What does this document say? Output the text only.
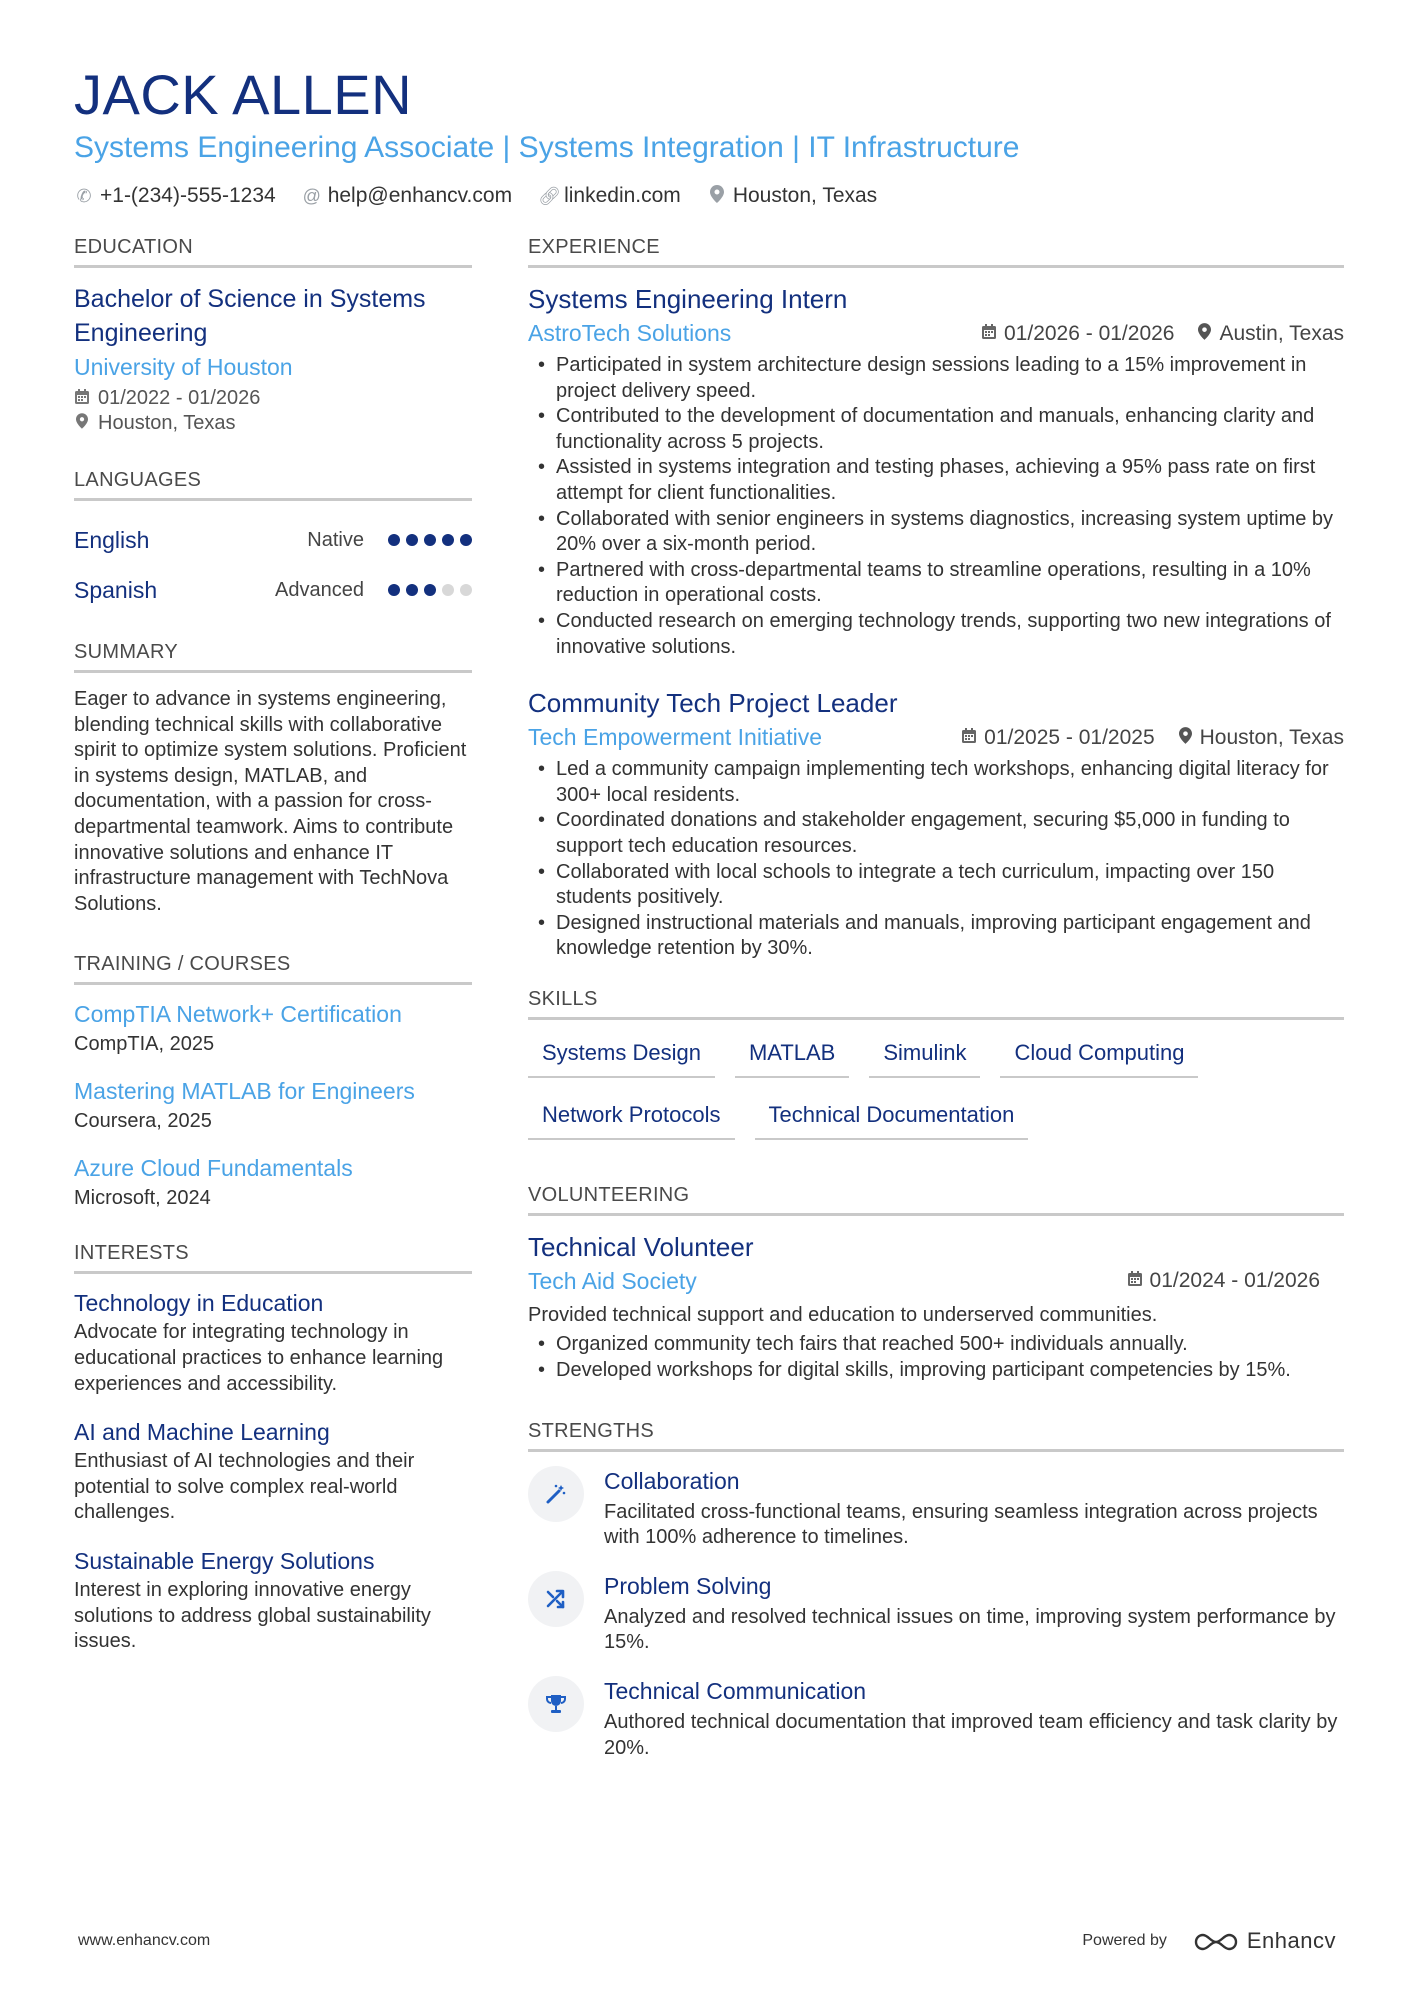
JACK ALLEN
Systems Engineering Associate | Systems Integration | IT Infrastructure
✆ +1-(234)-555-1234 @ help@enhancv.com 🔗︎ linkedin.com Houston, Texas
EDUCATION
Bachelor of Science in Systems Engineering
University of Houston
01/2022 - 01/2026
Houston, Texas
LANGUAGES
English	Native
Spanish	Advanced
SUMMARY
Eager to advance in systems engineering, blending technical skills with collaborative spirit to optimize system solutions. Proficient in systems design, MATLAB, and documentation, with a passion for cross-departmental teamwork. Aims to contribute innovative solutions and enhance IT infrastructure management with TechNova Solutions.
TRAINING / COURSES
CompTIA Network+ Certification
CompTIA, 2025
Mastering MATLAB for Engineers
Coursera, 2025
Azure Cloud Fundamentals
Microsoft, 2024
INTERESTS
Technology in Education
Advocate for integrating technology in educational practices to enhance learning experiences and accessibility.
AI and Machine Learning
Enthusiast of AI technologies and their potential to solve complex real-world challenges.
Sustainable Energy Solutions
Interest in exploring innovative energy solutions to address global sustainability issues.
EXPERIENCE
Systems Engineering Intern
AstroTech Solutions	01/2026 - 01/2026 Austin, Texas
• Participated in system architecture design sessions leading to a 15% improvement in project delivery speed.
• Contributed to the development of documentation and manuals, enhancing clarity and functionality across 5 projects.
• Assisted in systems integration and testing phases, achieving a 95% pass rate on first attempt for client functionalities.
• Collaborated with senior engineers in systems diagnostics, increasing system uptime by 20% over a six-month period.
• Partnered with cross-departmental teams to streamline operations, resulting in a 10% reduction in operational costs.
• Conducted research on emerging technology trends, supporting two new integrations of innovative solutions.
Community Tech Project Leader
Tech Empowerment Initiative	01/2025 - 01/2025 Houston, Texas
• Led a community campaign implementing tech workshops, enhancing digital literacy for 300+ local residents.
• Coordinated donations and stakeholder engagement, securing $5,000 in funding to support tech education resources.
• Collaborated with local schools to integrate a tech curriculum, impacting over 150 students positively.
• Designed instructional materials and manuals, improving participant engagement and knowledge retention by 30%.
SKILLS
Systems Design	MATLAB	Simulink	Cloud Computing
Network Protocols	Technical Documentation
VOLUNTEERING
Technical Volunteer
Tech Aid Society	01/2024 - 01/2026
Provided technical support and education to underserved communities.
• Organized community tech fairs that reached 500+ individuals annually.
• Developed workshops for digital skills, improving participant competencies by 15%.
STRENGTHS
Collaboration
Facilitated cross-functional teams, ensuring seamless integration across projects with 100% adherence to timelines.
Problem Solving
Analyzed and resolved technical issues on time, improving system performance by 15%.
Technical Communication
Authored technical documentation that improved team efficiency and task clarity by 20%.
www.enhancv.com	Powered by	Enhancv
